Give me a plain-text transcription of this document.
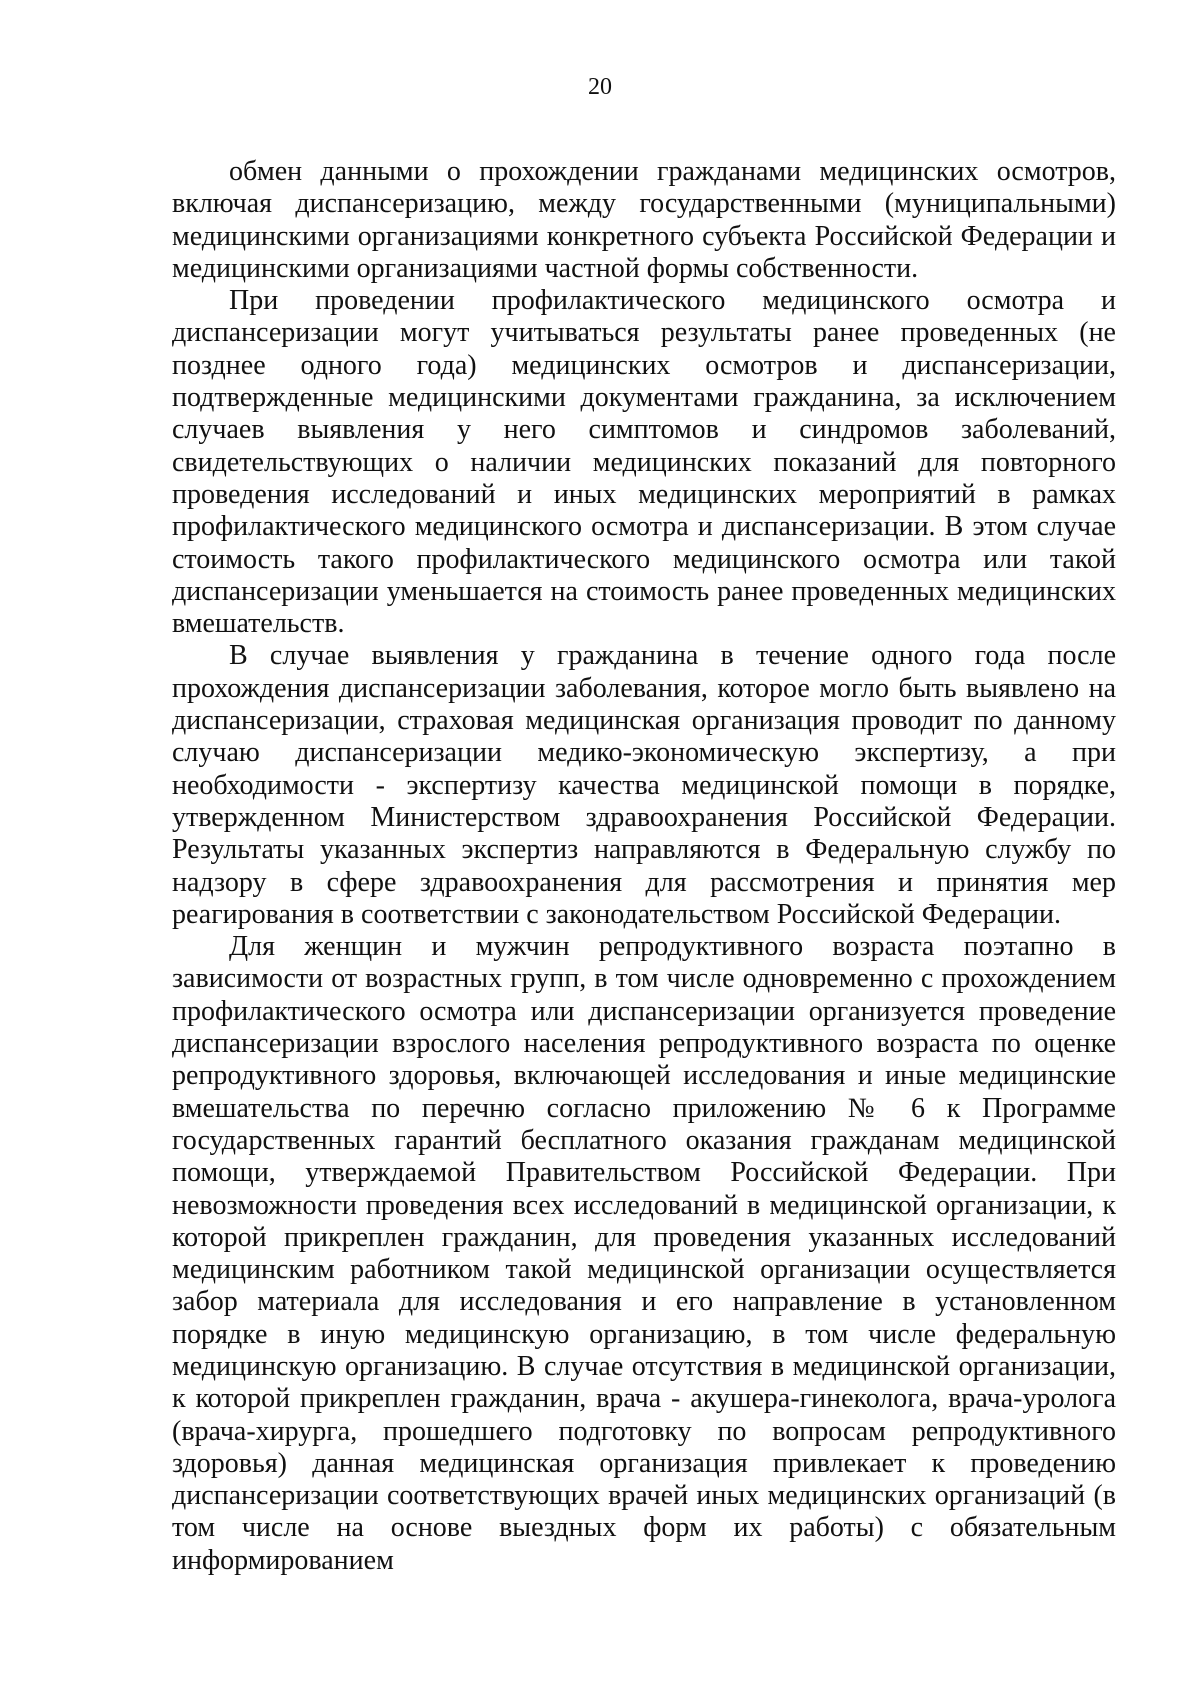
20

обмен данными о прохождении гражданами медицинских осмотров, включая диспансеризацию, между государственными (муниципальными) медицинскими организациями конкретного субъекта Российской Федерации и медицинскими организациями частной формы собственности.

При проведении профилактического медицинского осмотра и диспансеризации могут учитываться результаты ранее проведенных (не позднее одного года) медицинских осмотров и диспансеризации, подтвержденные медицинскими документами гражданина, за исключением случаев выявления у него симптомов и синдромов заболеваний, свидетельствующих о наличии медицинских показаний для повторного проведения исследований и иных медицинских мероприятий в рамках профилактического медицинского осмотра и диспансеризации. В этом случае стоимость такого профилактического медицинского осмотра или такой диспансеризации уменьшается на стоимость ранее проведенных медицинских вмешательств.

В случае выявления у гражданина в течение одного года после прохождения диспансеризации заболевания, которое могло быть выявлено на диспансеризации, страховая медицинская организация проводит по данному случаю диспансеризации медико-экономическую экспертизу, а при необходимости - экспертизу качества медицинской помощи в порядке, утвержденном Министерством здравоохранения Российской Федерации. Результаты указанных экспертиз направляются в Федеральную службу по надзору в сфере здравоохранения для рассмотрения и принятия мер реагирования в соответствии с законодательством Российской Федерации.

Для женщин и мужчин репродуктивного возраста поэтапно в зависимости от возрастных групп, в том числе одновременно с прохождением профилактического осмотра или диспансеризации организуется проведение диспансеризации взрослого населения репродуктивного возраста по оценке репродуктивного здоровья, включающей исследования и иные медицинские вмешательства по перечню согласно приложению № 6 к Программе государственных гарантий бесплатного оказания гражданам медицинской помощи, утверждаемой Правительством Российской Федерации. При невозможности проведения всех исследований в медицинской организации, к которой прикреплен гражданин, для проведения указанных исследований медицинским работником такой медицинской организации осуществляется забор материала для исследования и его направление в установленном порядке в иную медицинскую организацию, в том числе федеральную медицинскую организацию. В случае отсутствия в медицинской организации, к которой прикреплен гражданин, врача - акушера-гинеколога, врача-уролога (врача-хирурга, прошедшего подготовку по вопросам репродуктивного здоровья) данная медицинская организация привлекает к проведению диспансеризации соответствующих врачей иных медицинских организаций (в том числе на основе выездных форм их работы) с обязательным информированием
